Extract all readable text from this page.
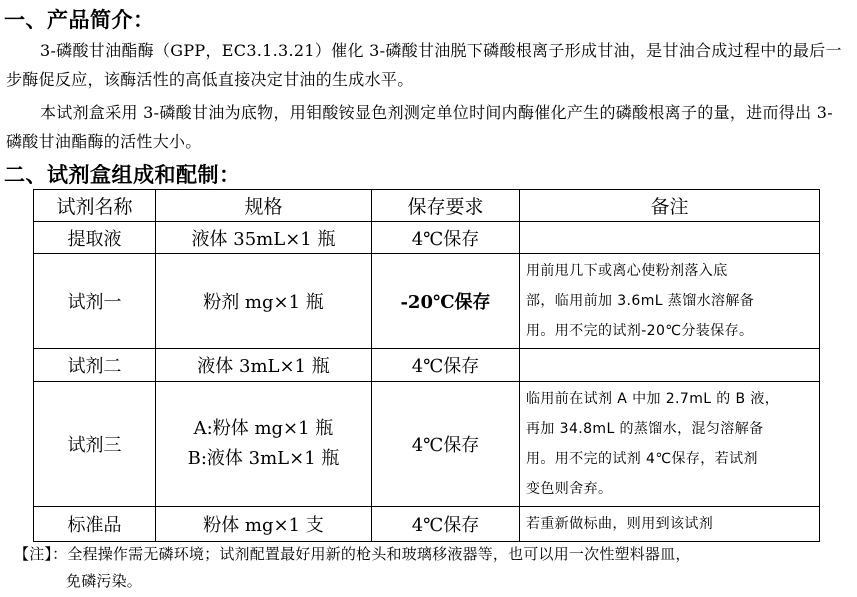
一、产品简介：
3-磷酸甘油酯酶（GPP，EC3.1.3.21）催化 3-磷酸甘油脱下磷酸根离子形成甘油，是甘油合成过程中的最后一步酶促反应，该酶活性的高低直接决定甘油的生成水平。
本试剂盒采用 3-磷酸甘油为底物，用钼酸铵显色剂测定单位时间内酶催化产生的磷酸根离子的量，进而得出 3-磷酸甘油酯酶的活性大小。
二、试剂盒组成和配制：
试剂名称	规格	保存要求	备注
提取液	液体 35mL×1 瓶	4℃保存	
试剂一	粉剂 mg×1 瓶	-20℃保存	用前甩几下或离心使粉剂落入底
部，临用前加 3.6mL 蒸馏水溶解备
用。用不完的试剂-20℃分装保存。

试剂二	液体 3mL×1 瓶	4℃保存	
试剂三	A:粉体 mg×1 瓶
B:液体 3mL×1 瓶	4℃保存	临用前在试剂 A 中加 2.7mL 的 B 液，
再加 34.8mL 的蒸馏水，混匀溶解备
用。用不完的试剂 4℃保存，若试剂
变色则舍弃。

标准品	粉体 mg×1 支	4℃保存	若重新做标曲，则用到该试剂
【注】：全程操作需无磷环境；试剂配置最好用新的枪头和玻璃移液器等，也可以用一次性塑料器皿，
免磷污染。
